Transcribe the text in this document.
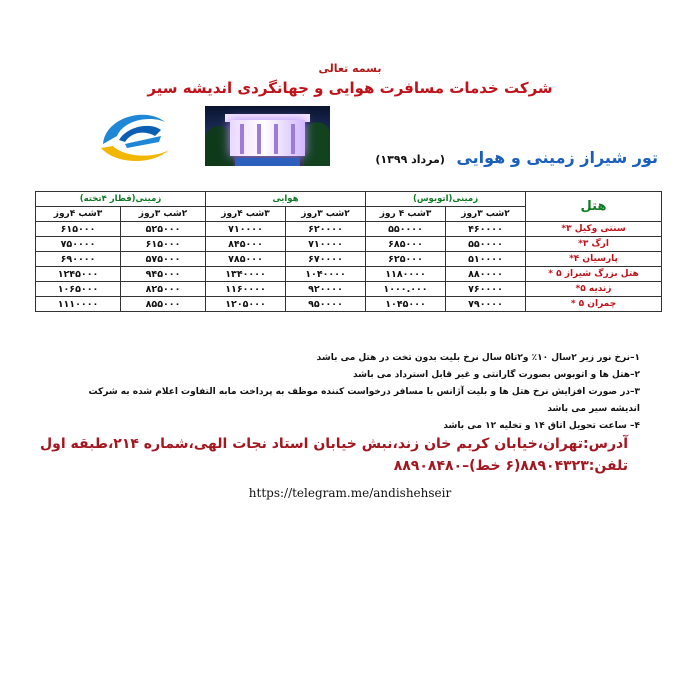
بسمه تعالی
شرکت خدمات مسافرت هوایی و جهانگردی اندیشه سیر
تور شیراز زمینی و هوایی (مرداد ۱۳۹۹)
هتل	زمینی(اتوبوس)		هوایی		زمینی(قطار ۴تخته)	
	۲شب ۳روز	۳شب ۴ روز	۲شب ۳روز	۳شب ۴روز	۲شب ۳روز	۳شب ۴روز
سنتی وکیل ۳*	۴۶۰۰۰۰	۵۵۰۰۰۰	۶۲۰۰۰۰	۷۱۰۰۰۰	۵۲۵۰۰۰	۶۱۵۰۰۰
ارگ ۳*	۵۵۰۰۰۰	۶۸۵۰۰۰	۷۱۰۰۰۰	۸۴۵۰۰۰	۶۱۵۰۰۰	۷۵۰۰۰۰
پارسیان ۴*	۵۱۰۰۰۰	۶۲۵۰۰۰	۶۷۰۰۰۰	۷۸۵۰۰۰	۵۷۵۰۰۰	۶۹۰۰۰۰
هتل بزرگ شیراز ۵ *	۸۸۰۰۰۰	۱۱۸۰۰۰۰	۱۰۴۰۰۰۰	۱۳۴۰۰۰۰	۹۴۵۰۰۰	۱۲۴۵۰۰۰
زندیه ۵*	۷۶۰۰۰۰	۱۰۰۰.۰۰۰	۹۲۰۰۰۰	۱۱۶۰۰۰۰	۸۲۵۰۰۰	۱۰۶۵۰۰۰
چمران ۵ *	۷۹۰۰۰۰	۱۰۴۵۰۰۰	۹۵۰۰۰۰	۱۲۰۵۰۰۰	۸۵۵۰۰۰	۱۱۱۰۰۰۰
۱–نرخ نور زیر ۲سال ۱۰٪ و۲تا۵ سال نرخ بلیت بدون تخت در هتل می باشد
۲–هتل ها و اتوبوس بصورت گارانتی و غیر قابل استرداد می باشد
۳–در صورت افزایش نرخ هتل ها و بلیت آژانس با مسافر درخواست کننده موظف به پرداخت مابه التفاوت اعلام شده به شرکت
اندیشه سیر می باشد
۴– ساعت تحویل اتاق ۱۴ و تخلیه ۱۲ می باشد
آدرس:تهران،خیابان کریم خان زند،نبش خیابان استاد نجات الهی،شماره ۲۱۴،طبقه اول
تلفن:۸۸۹۰۴۳۲۳(۶ خط)–۸۸۹۰۸۴۸۰
https://telegram.me/andishehseir
